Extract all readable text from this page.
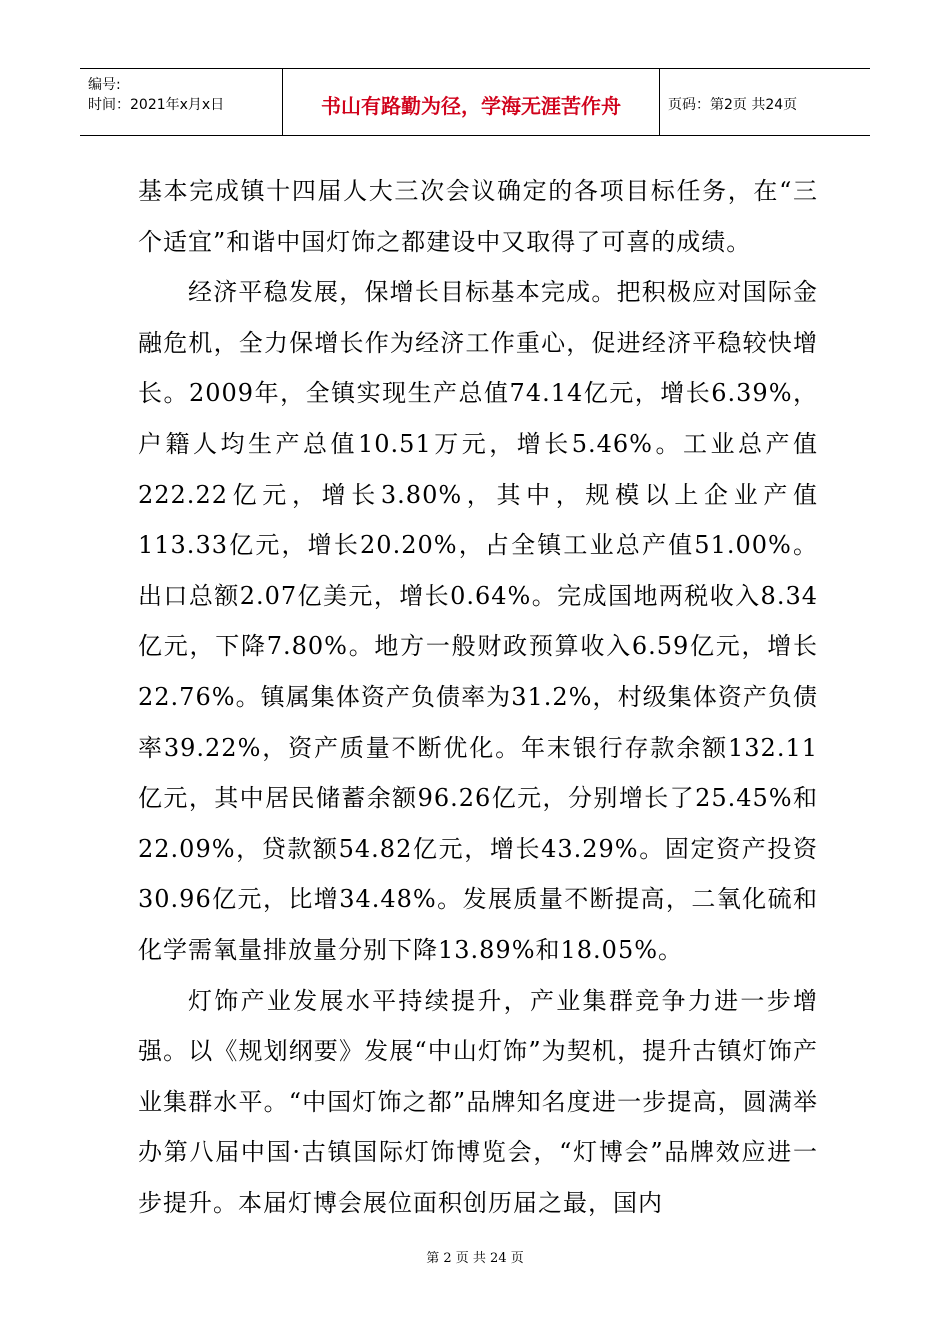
编号:
时间：2021年x月x日	书山有路勤为径，学海无涯苦作舟	页码：第2页 共24页

基本完成镇十四届人大三次会议确定的各项目标任务，在“三个适宜”和谐中国灯饰之都建设中又取得了可喜的成绩。

经济平稳发展，保增长目标基本完成。把积极应对国际金融危机，全力保增长作为经济工作重心，促进经济平稳较快增长。2009年，全镇实现生产总值74.14亿元，增长6.39%，户籍人均生产总值10.51万元，增长5.46%。工业总产值222.22亿元，增长3.80%，其中，规模以上企业产值113.33亿元，增长20.20%，占全镇工业总产值51.00%。出口总额2.07亿美元，增长0.64%。完成国地两税收入8.34亿元，下降7.80%。地方一般财政预算收入6.59亿元，增长22.76%。镇属集体资产负债率为31.2%，村级集体资产负债率39.22%，资产质量不断优化。年末银行存款余额132.11亿元，其中居民储蓄余额96.26亿元，分别增长了25.45%和22.09%，贷款额54.82亿元，增长43.29%。固定资产投资30.96亿元，比增34.48%。发展质量不断提高，二氧化硫和化学需氧量排放量分别下降13.89%和18.05%。

灯饰产业发展水平持续提升，产业集群竞争力进一步增强。以《规划纲要》发展“中山灯饰”为契机，提升古镇灯饰产业集群水平。“中国灯饰之都”品牌知名度进一步提高，圆满举办第八届中国·古镇国际灯饰博览会，“灯博会”品牌效应进一步提升。本届灯博会展位面积创历届之最，国内

第 2 页 共 24 页
